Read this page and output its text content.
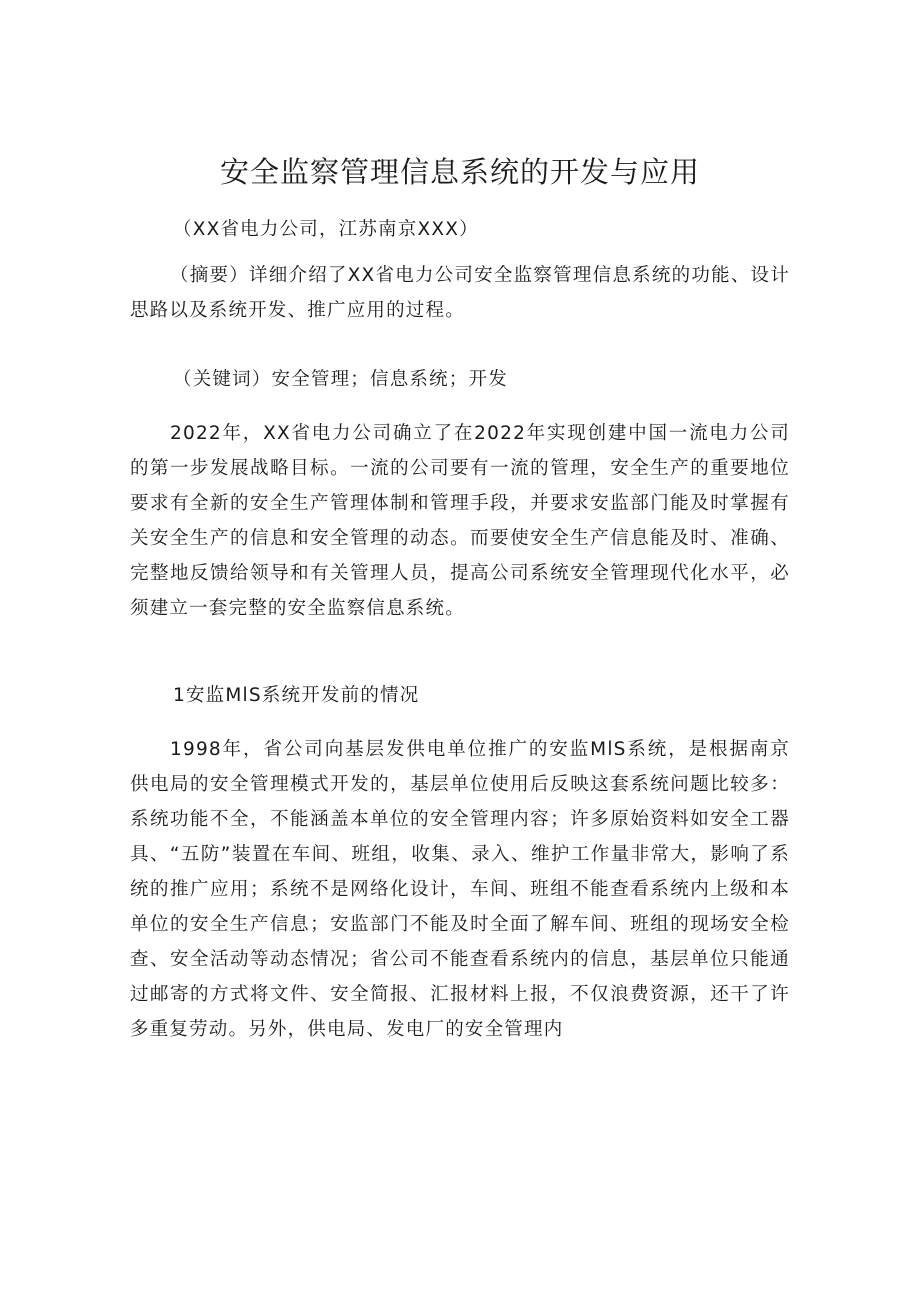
安全监察管理信息系统的开发与应用

（XX省电力公司，江苏南京XXX）

（摘要）详细介绍了XX省电力公司安全监察管理信息系统的功能、设计思路以及系统开发、推广应用的过程。

（关键词）安全管理；信息系统；开发

2022年，XX省电力公司确立了在2022年实现创建中国一流电力公司的第一步发展战略目标。一流的公司要有一流的管理，安全生产的重要地位要求有全新的安全生产管理体制和管理手段，并要求安监部门能及时掌握有关安全生产的信息和安全管理的动态。而要使安全生产信息能及时、准确、完整地反馈给领导和有关管理人员，提高公司系统安全管理现代化水平，必须建立一套完整的安全监察信息系统。

1安监MlS系统开发前的情况

1998年，省公司向基层发供电单位推广的安监MlS系统，是根据南京供电局的安全管理模式开发的，基层单位使用后反映这套系统问题比较多：系统功能不全，不能涵盖本单位的安全管理内容；许多原始资料如安全工器具、“五防”装置在车间、班组，收集、录入、维护工作量非常大，影响了系统的推广应用；系统不是网络化设计，车间、班组不能查看系统内上级和本单位的安全生产信息；安监部门不能及时全面了解车间、班组的现场安全检查、安全活动等动态情况；省公司不能查看系统内的信息，基层单位只能通过邮寄的方式将文件、安全简报、汇报材料上报，不仅浪费资源，还干了许多重复劳动。另外，供电局、发电厂的安全管理内
